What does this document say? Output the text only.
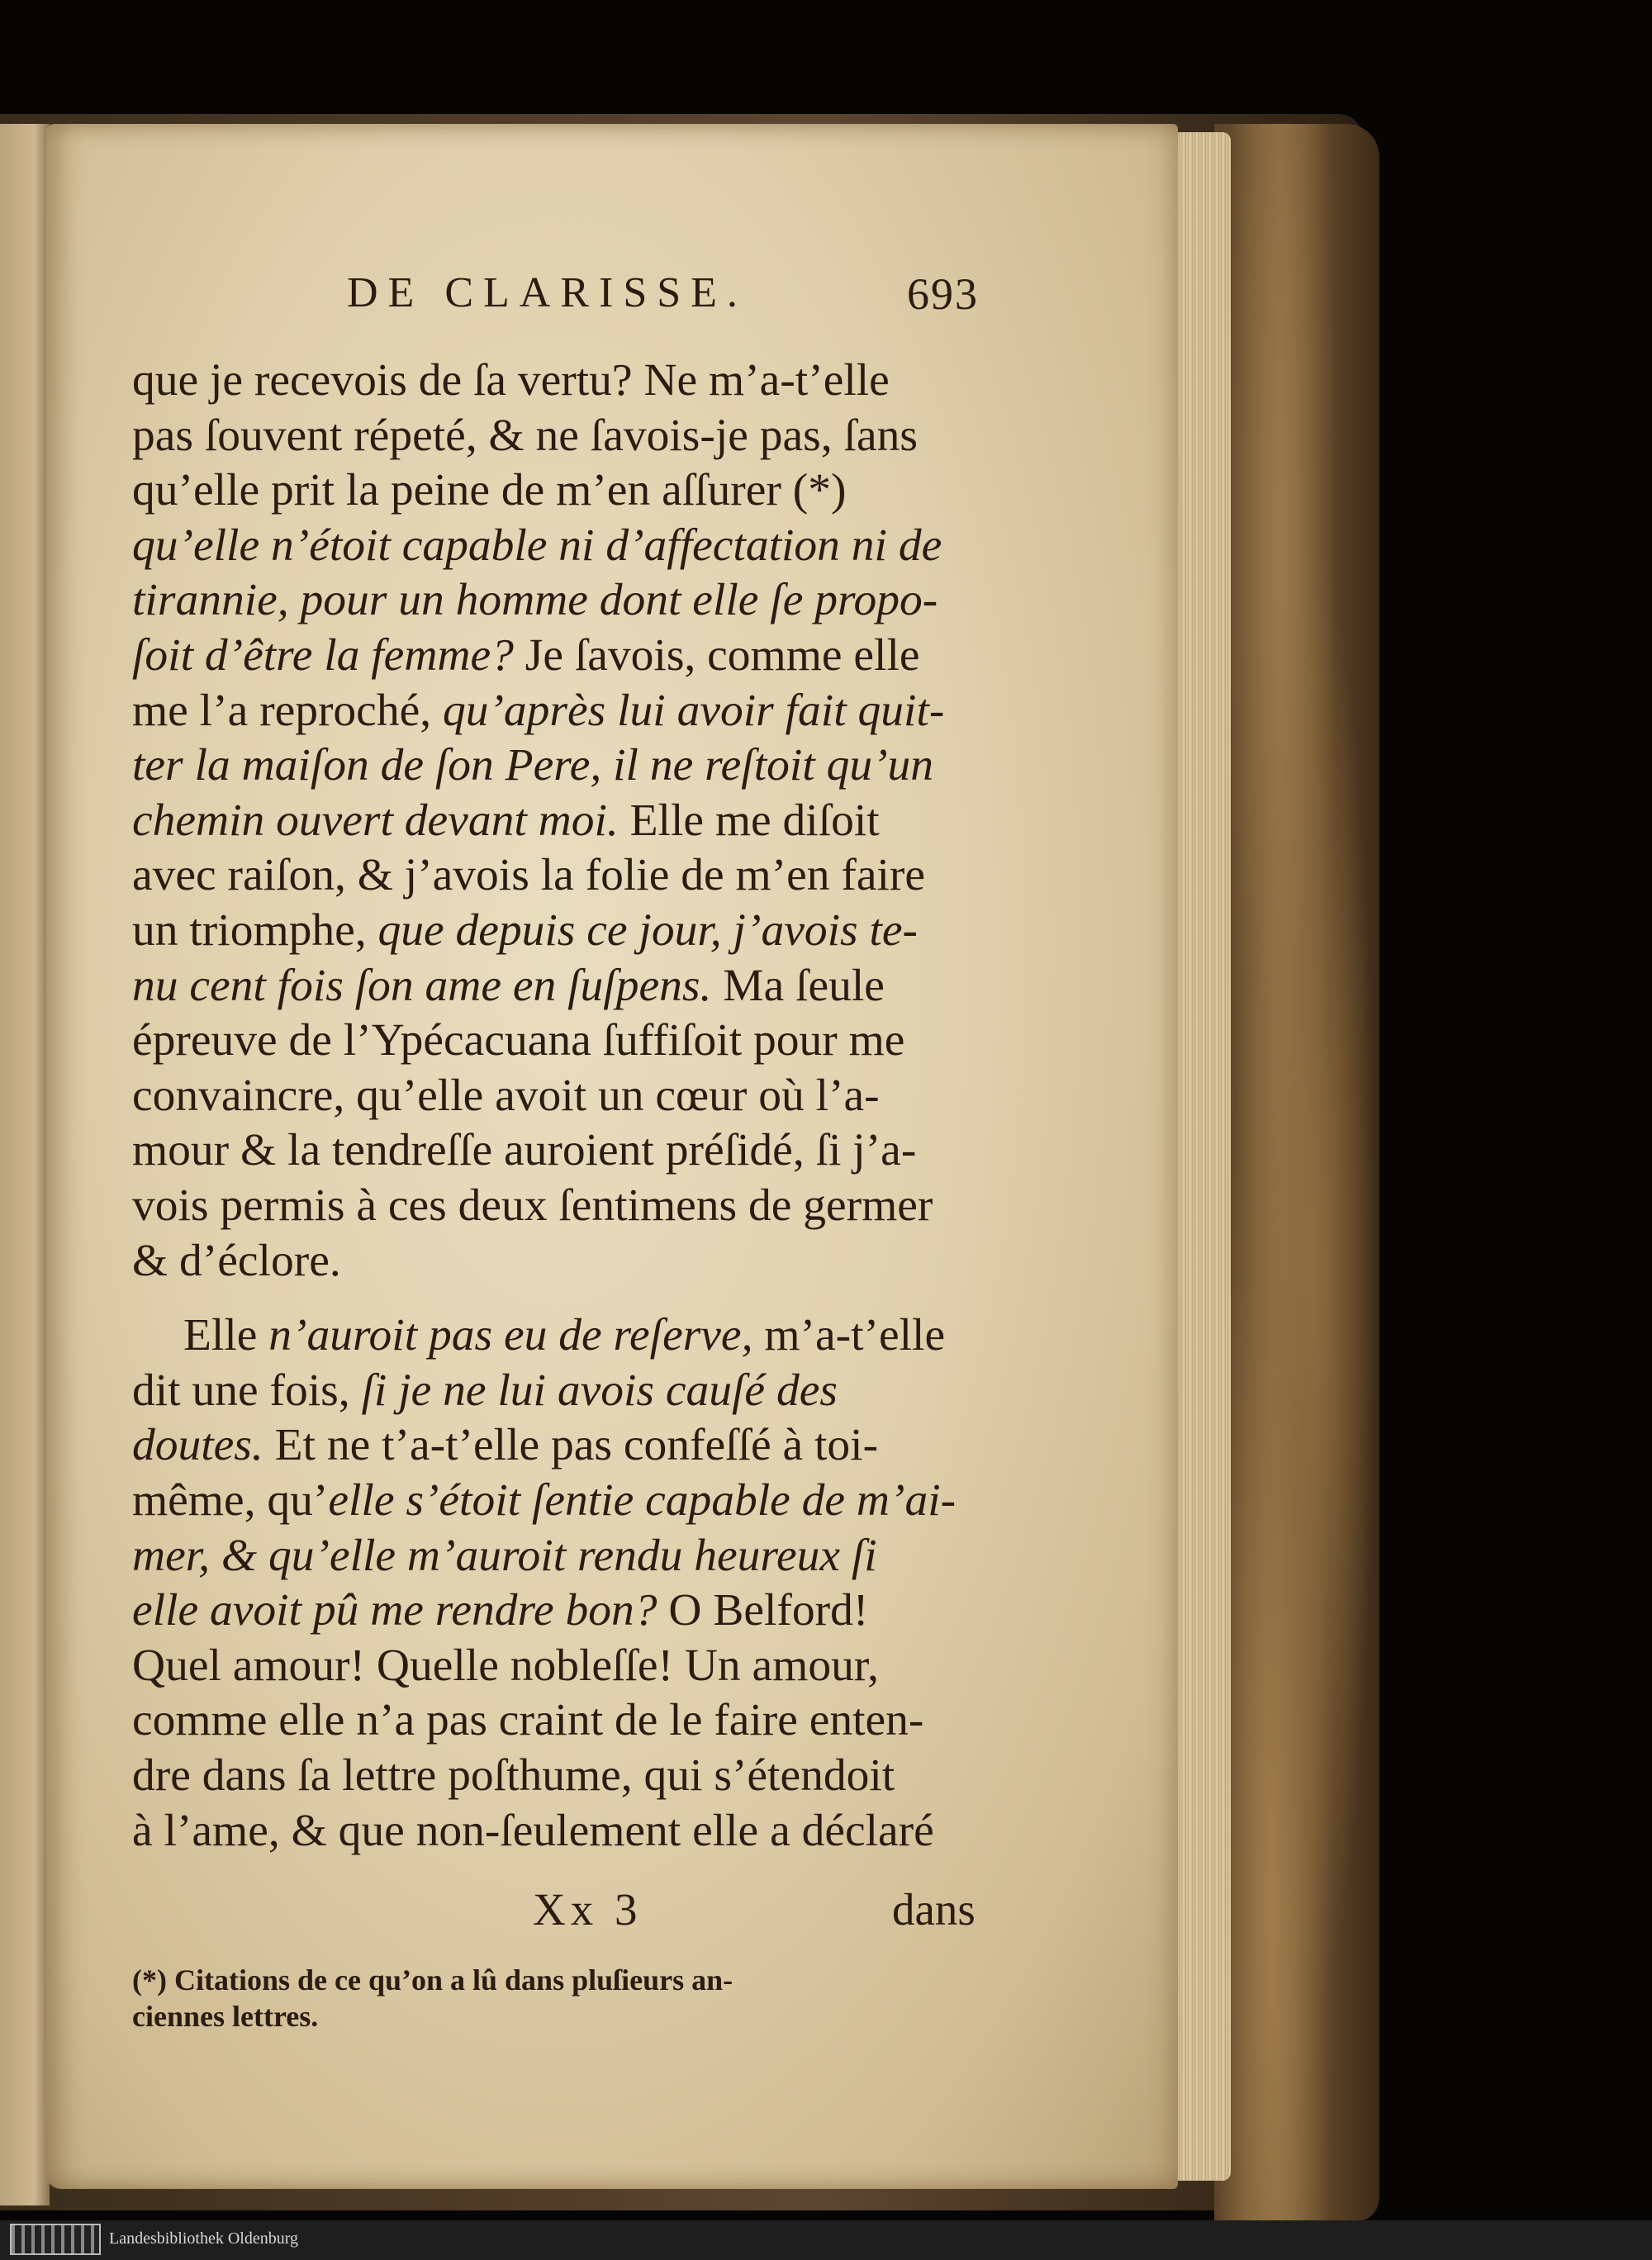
DE CLARISSE.	693
que je recevois de ſa vertu? Ne m’a-t’elle
pas ſouvent répeté, & ne ſavois-je pas, ſans
qu’elle prit la peine de m’en aſſurer (*)
qu’elle n’étoit capable ni d’affectation ni de
tirannie, pour un homme dont elle ſe propo-
ſoit d’être la femme? Je ſavois, comme elle
me l’a reproché, qu’après lui avoir fait quit-
ter la maiſon de ſon Pere, il ne reſtoit qu’un
chemin ouvert devant moi. Elle me diſoit
avec raiſon, & j’avois la folie de m’en faire
un triomphe, que depuis ce jour, j’avois te-
nu cent fois ſon ame en ſuſpens. Ma ſeule
épreuve de l’Ypécacuana ſuffiſoit pour me
convaincre, qu’elle avoit un cœur où l’a-
mour & la tendreſſe auroient préſidé, ſi j’a-
vois permis à ces deux ſentimens de germer
& d’éclore.
Elle n’auroit pas eu de reſerve, m’a-t’elle
dit une fois, ſi je ne lui avois cauſé des
doutes. Et ne t’a-t’elle pas confeſſé à toi-
même, qu’elle s’étoit ſentie capable de m’ai-
mer, & qu’elle m’auroit rendu heureux ſi
elle avoit pû me rendre bon? O Belford!
Quel amour! Quelle nobleſſe! Un amour,
comme elle n’a pas craint de le faire enten-
dre dans ſa lettre poſthume, qui s’étendoit
à l’ame, & que non-ſeulement elle a déclaré
Xx 3	dans
(*) Citations de ce qu’on a lû dans pluſieurs an-
ciennes lettres.
Landesbibliothek Oldenburg
